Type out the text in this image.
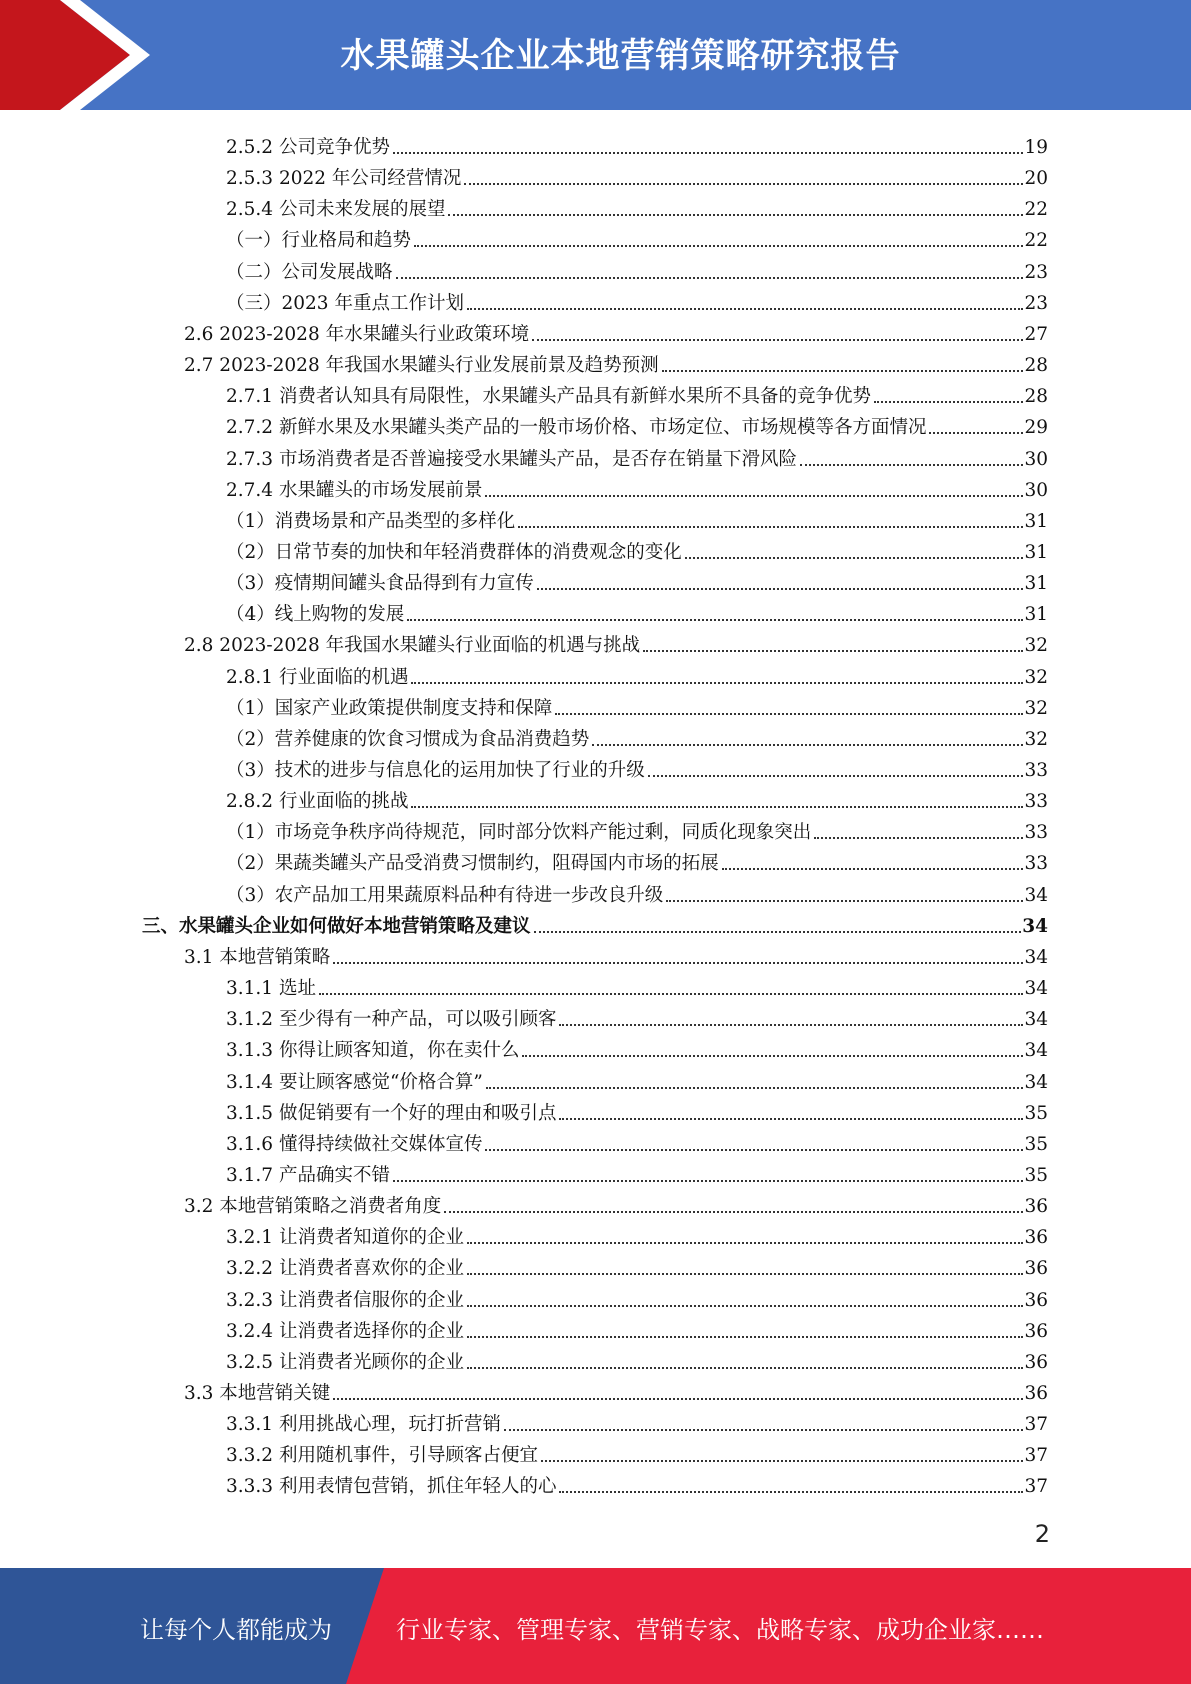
水果罐头企业本地营销策略研究报告
2.5.2 公司竞争优势	19
2.5.3 2022 年公司经营情况	20
2.5.4 公司未来发展的展望	22
（一）行业格局和趋势	22
（二）公司发展战略	23
（三）2023 年重点工作计划	23
2.6 2023-2028 年水果罐头行业政策环境	27
2.7 2023-2028 年我国水果罐头行业发展前景及趋势预测	28
2.7.1 消费者认知具有局限性，水果罐头产品具有新鲜水果所不具备的竞争优势	28
2.7.2 新鲜水果及水果罐头类产品的一般市场价格、市场定位、市场规模等各方面情况	29
2.7.3 市场消费者是否普遍接受水果罐头产品，是否存在销量下滑风险	30
2.7.4 水果罐头的市场发展前景	30
（1）消费场景和产品类型的多样化	31
（2）日常节奏的加快和年轻消费群体的消费观念的变化	31
（3）疫情期间罐头食品得到有力宣传	31
（4）线上购物的发展	31
2.8 2023-2028 年我国水果罐头行业面临的机遇与挑战	32
2.8.1 行业面临的机遇	32
（1）国家产业政策提供制度支持和保障	32
（2）营养健康的饮食习惯成为食品消费趋势	32
（3）技术的进步与信息化的运用加快了行业的升级	33
2.8.2 行业面临的挑战	33
（1）市场竞争秩序尚待规范，同时部分饮料产能过剩，同质化现象突出	33
（2）果蔬类罐头产品受消费习惯制约，阻碍国内市场的拓展	33
（3）农产品加工用果蔬原料品种有待进一步改良升级	34
三、水果罐头企业如何做好本地营销策略及建议	34
3.1 本地营销策略	34
3.1.1 选址	34
3.1.2 至少得有一种产品，可以吸引顾客	34
3.1.3 你得让顾客知道，你在卖什么	34
3.1.4 要让顾客感觉“价格合算”	34
3.1.5 做促销要有一个好的理由和吸引点	35
3.1.6 懂得持续做社交媒体宣传	35
3.1.7 产品确实不错	35
3.2 本地营销策略之消费者角度	36
3.2.1 让消费者知道你的企业	36
3.2.2 让消费者喜欢你的企业	36
3.2.3 让消费者信服你的企业	36
3.2.4 让消费者选择你的企业	36
3.2.5 让消费者光顾你的企业	36
3.3 本地营销关键	36
3.3.1 利用挑战心理，玩打折营销	37
3.3.2 利用随机事件，引导顾客占便宜	37
3.3.3 利用表情包营销，抓住年轻人的心	37
2
让每个人都能成为	行业专家、管理专家、营销专家、战略专家、成功企业家……
